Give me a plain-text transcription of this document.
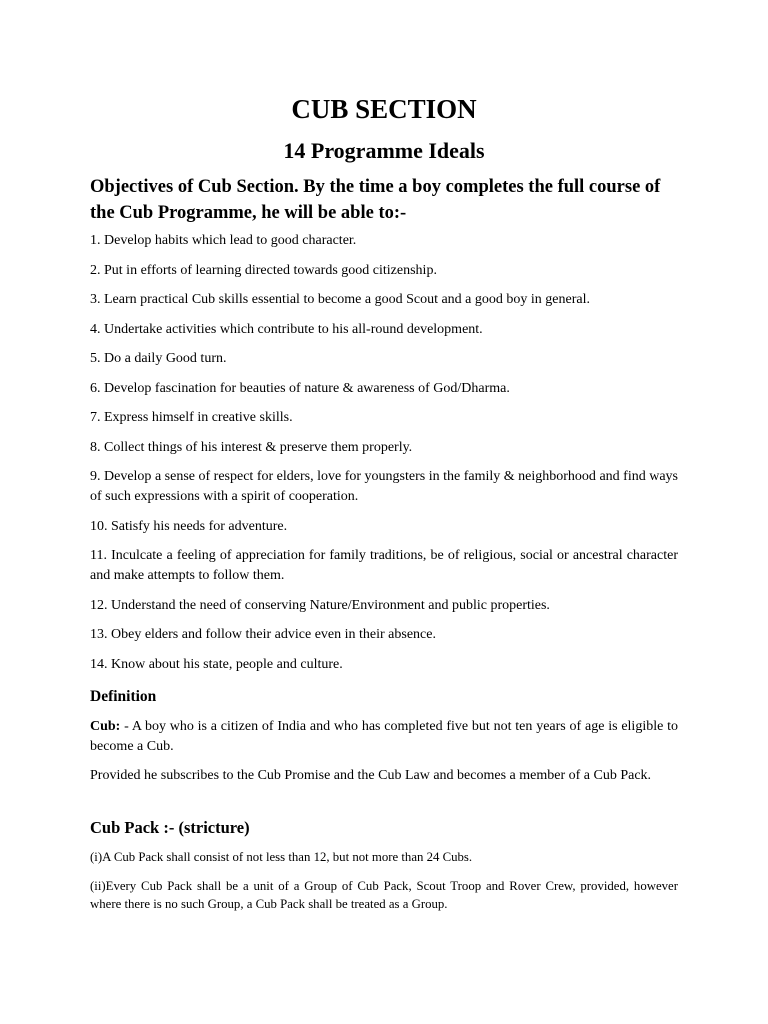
CUB SECTION
14 Programme Ideals
Objectives of Cub Section. By the time a boy completes the full course of the Cub Programme, he will be able to:-
1. Develop habits which lead to good character.
2. Put in efforts of learning directed towards good citizenship.
3. Learn practical Cub skills essential to become a good Scout and a good boy in general.
4. Undertake activities which contribute to his all-round development.
5. Do a daily Good turn.
6. Develop fascination for beauties of nature & awareness of God/Dharma.
7. Express himself in creative skills.
8. Collect things of his interest & preserve them properly.
9. Develop a sense of respect for elders, love for youngsters in the family & neighborhood and find ways of such expressions with a spirit of cooperation.
10. Satisfy his needs for adventure.
11. Inculcate a feeling of appreciation for family traditions, be of religious, social or ancestral character and make attempts to follow them.
12. Understand the need of conserving Nature/Environment and public properties.
13. Obey elders and follow their advice even in their absence.
14. Know about his state, people and culture.
Definition
Cub: - A boy who is a citizen of India and who has completed five but not ten years of age is eligible to become a Cub.
Provided he subscribes to the Cub Promise and the Cub Law and becomes a member of a Cub Pack.
Cub Pack :- (stricture)
(i)A Cub Pack shall consist of not less than 12, but not more than 24 Cubs.
(ii)Every Cub Pack shall be a unit of a Group of Cub Pack, Scout Troop and Rover Crew, provided, however where there is no such Group, a Cub Pack shall be treated as a Group.
